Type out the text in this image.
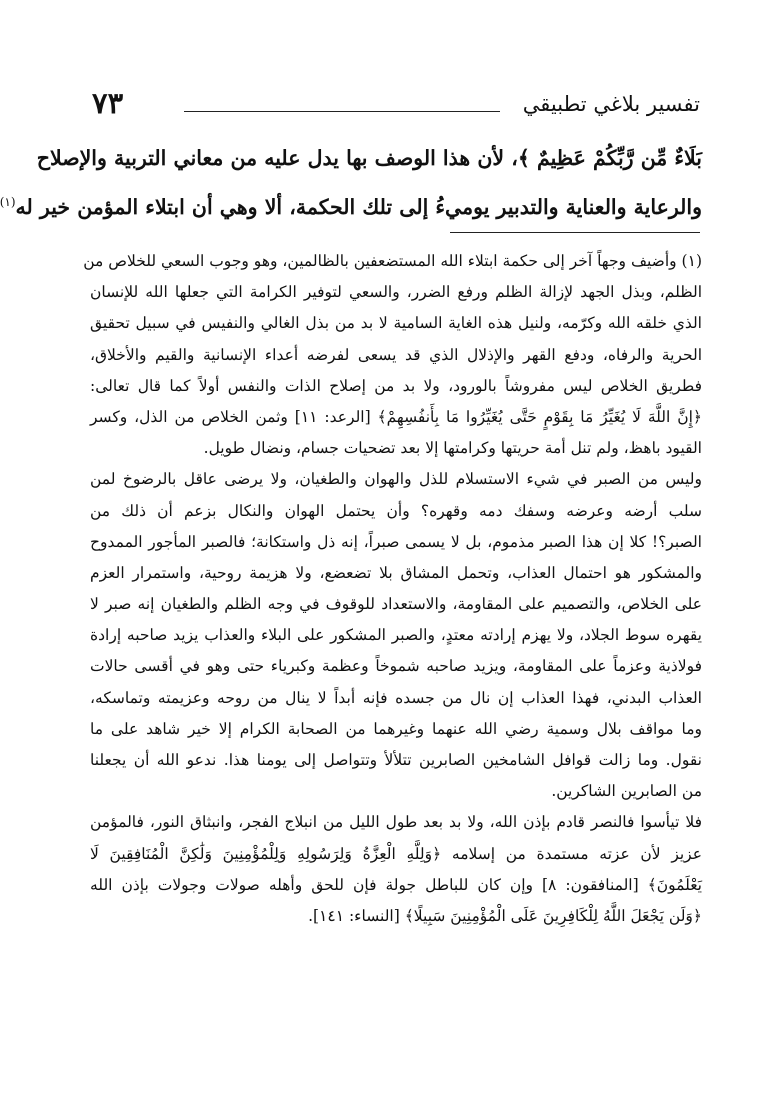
تفسير بلاغي تطبيقي
٧٣
بَلَاءٌ مِّن رَّبِّكُمْ عَظِيمٌ ﴾، لأن هذا الوصف بها يدل عليه من معاني التربية والإصلاح
والرعاية والعناية والتدبير يوميءُ إلى تلك الحكمة، ألا وهي أن ابتلاء المؤمن خير له$^{(١)}$
(١) وأضيف وجهاً آخر إلى حكمة ابتلاء الله المستضعفين بالظالمين، وهو وجوب السعي للخلاص من
الظلم، وبذل الجهد لإزالة الظلم ورفع الضرر، والسعي لتوفير الكرامة التي جعلها الله للإنسان
الذي خلقه الله وكرّمه، ولنيل هذه الغاية السامية لا بد من بذل الغالي والنفيس في سبيل تحقيق
الحرية والرفاه، ودفع القهر والإذلال الذي قد يسعى لفرضه أعداء الإنسانية والقيم والأخلاق،
فطريق الخلاص ليس مفروشاً بالورود، ولا بد من إصلاح الذات والنفس أولاً كما قال تعالى:
﴿إِنَّ اللَّهَ لَا يُغَيِّرُ مَا بِقَوْمٍ حَتَّى يُغَيِّرُوا مَا بِأَنفُسِهِمْ﴾ [الرعد: ١١] وثمن الخلاص من الذل، وكسر
القيود باهظ، ولم تنل أمة حريتها وكرامتها إلا بعد تضحيات جسام، ونضال طويل.
وليس من الصبر في شيء الاستسلام للذل والهوان والطغيان، ولا يرضى عاقل بالرضوخ لمن
سلب أرضه وعرضه وسفك دمه وقهره؟ وأن يحتمل الهوان والنكال بزعم أن ذلك من
الصبر؟! كلا إن هذا الصبر مذموم، بل لا يسمى صبراً، إنه ذل واستكانة؛ فالصبر المأجور الممدوح
والمشكور هو احتمال العذاب، وتحمل المشاق بلا تضعضع، ولا هزيمة روحية، واستمرار العزم
على الخلاص، والتصميم على المقاومة، والاستعداد للوقوف في وجه الظلم والطغيان إنه صبر لا
يقهره سوط الجلاد، ولا يهزم إرادته معتدٍ، والصبر المشكور على البلاء والعذاب يزيد صاحبه إرادة
فولاذية وعزماً على المقاومة، ويزيد صاحبه شموخاً وعظمة وكبرياء حتى وهو في أقسى حالات
العذاب البدني، فهذا العذاب إن نال من جسده فإنه أبداً لا ينال من روحه وعزيمته وتماسكه،
وما مواقف بلال وسمية رضي الله عنهما وغيرهما من الصحابة الكرام إلا خير شاهد على ما
نقول. وما زالت قوافل الشامخين الصابرين تتلألأ وتتواصل إلى يومنا هذا. ندعو الله أن يجعلنا
من الصابرين الشاكرين.
فلا تيأسوا فالنصر قادم بإذن الله، ولا بد بعد طول الليل من انبلاج الفجر، وانبثاق النور، فالمؤمن
عزيز لأن عزته مستمدة من إسلامه ﴿وَلِلَّهِ الْعِزَّةُ وَلِرَسُولِهِ وَلِلْمُؤْمِنِينَ وَلَٰكِنَّ الْمُنَافِقِينَ لَا
يَعْلَمُونَ﴾ [المنافقون: ٨] وإن كان للباطل جولة فإن للحق وأهله صولات وجولات بإذن الله
﴿وَلَن يَجْعَلَ اللَّهُ لِلْكَافِرِينَ عَلَى الْمُؤْمِنِينَ سَبِيلًا﴾ [النساء: ١٤١].
